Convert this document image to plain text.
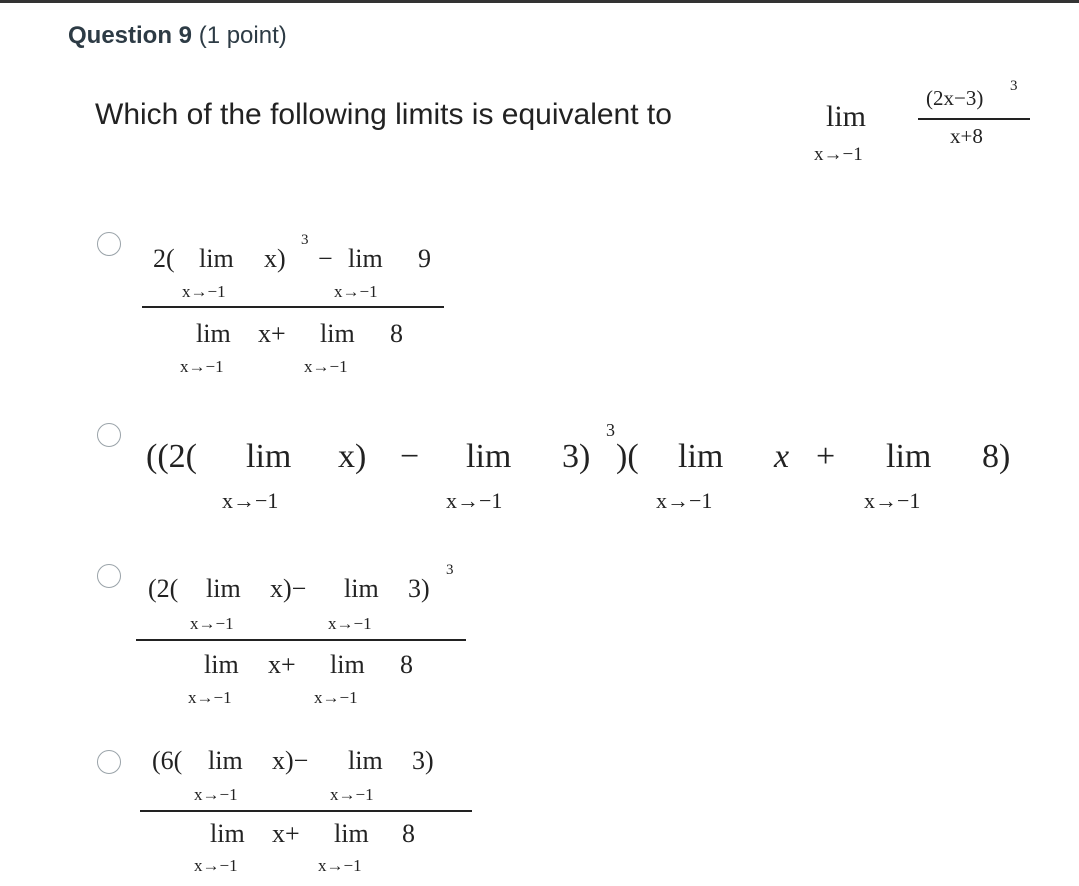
Question 9 (1 point)
Which of the following limits is equivalent to	lim
x→−1
(2x−3) 3
x+8
2( lim x)
3
− lim 9
x→−1	x→−1
lim x+ lim 8
x→−1	x→−1
((2( lim x) − lim 3)
3
)( lim x + lim 8)
x→−1	x→−1	x→−1	x→−1
(2( lim x)− lim 3)
3
x→−1	x→−1
lim x+ lim 8
x→−1	x→−1
(6( lim x)− lim 3)
x→−1	x→−1
lim x+ lim 8
x→−1	x→−1
